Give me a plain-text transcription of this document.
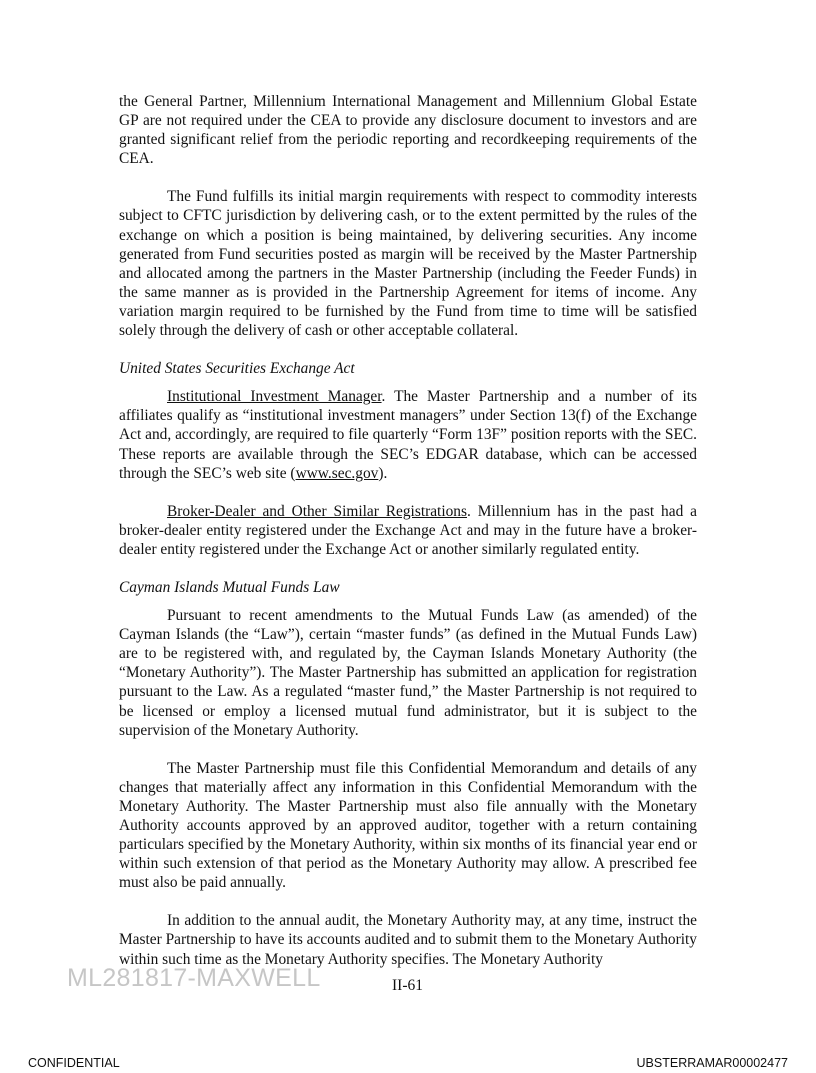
the General Partner, Millennium International Management and Millennium Global Estate GP are not required under the CEA to provide any disclosure document to investors and are granted significant relief from the periodic reporting and recordkeeping requirements of the CEA.

The Fund fulfills its initial margin requirements with respect to commodity interests subject to CFTC jurisdiction by delivering cash, or to the extent permitted by the rules of the exchange on which a position is being maintained, by delivering securities. Any income generated from Fund securities posted as margin will be received by the Master Partnership and allocated among the partners in the Master Partnership (including the Feeder Funds) in the same manner as is provided in the Partnership Agreement for items of income. Any variation margin required to be furnished by the Fund from time to time will be satisfied solely through the delivery of cash or other acceptable collateral.

United States Securities Exchange Act

Institutional Investment Manager. The Master Partnership and a number of its affiliates qualify as “institutional investment managers” under Section 13(f) of the Exchange Act and, accordingly, are required to file quarterly “Form 13F” position reports with the SEC. These reports are available through the SEC’s EDGAR database, which can be accessed through the SEC’s web site (www.sec.gov).

Broker-Dealer and Other Similar Registrations. Millennium has in the past had a broker-dealer entity registered under the Exchange Act and may in the future have a broker-dealer entity registered under the Exchange Act or another similarly regulated entity.

Cayman Islands Mutual Funds Law

Pursuant to recent amendments to the Mutual Funds Law (as amended) of the Cayman Islands (the “Law”), certain “master funds” (as defined in the Mutual Funds Law) are to be registered with, and regulated by, the Cayman Islands Monetary Authority (the “Monetary Authority”). The Master Partnership has submitted an application for registration pursuant to the Law. As a regulated “master fund,” the Master Partnership is not required to be licensed or employ a licensed mutual fund administrator, but it is subject to the supervision of the Monetary Authority.

The Master Partnership must file this Confidential Memorandum and details of any changes that materially affect any information in this Confidential Memorandum with the Monetary Authority. The Master Partnership must also file annually with the Monetary Authority accounts approved by an approved auditor, together with a return containing particulars specified by the Monetary Authority, within six months of its financial year end or within such extension of that period as the Monetary Authority may allow. A prescribed fee must also be paid annually.

In addition to the annual audit, the Monetary Authority may, at any time, instruct the Master Partnership to have its accounts audited and to submit them to the Monetary Authority within such time as the Monetary Authority specifies. The Monetary Authority

ML281817-MAXWELL	II-61
CONFIDENTIAL	UBSTERRAMAR00002477
